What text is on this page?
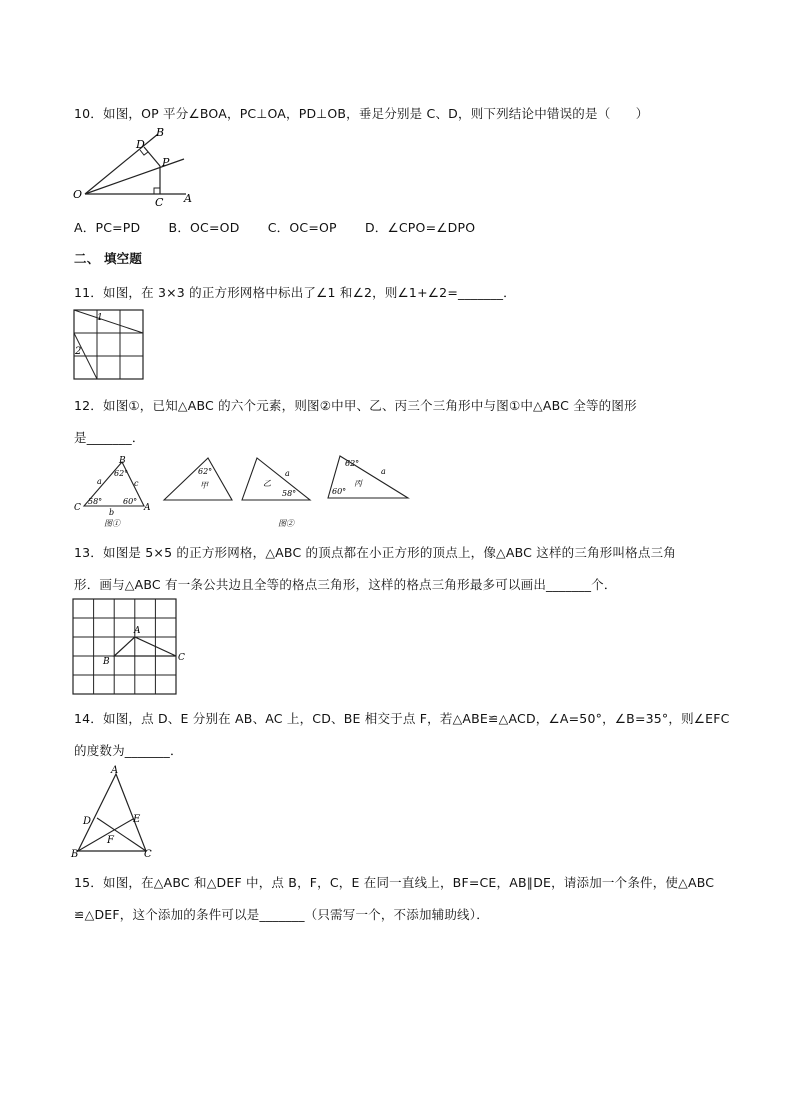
10．如图，OP 平分∠BOA，PC⊥OA，PD⊥OB，垂足分别是 C、D，则下列结论中错误的是（　　）
B
D
P
O
C A
A．PC=PD B．OC=OD C．OC=OP D．∠CPO=∠DPO
二、 填空题
11．如图，在 3×3 的正方形网格中标出了∠1 和∠2，则∠1+∠2=_______．
1
2
12．如图①，已知△ABC 的六个元素，则图②中甲、乙、丙三个三角形中与图①中△ABC 全等的图形
是_______．
B
C	A
62°
58°	60°
a	c
b
图①
62°
甲
a
乙
58°
图②
62°
a
60°
丙
13．如图是 5×5 的正方形网格，△ABC 的顶点都在小正方形的顶点上，像△ABC 这样的三角形叫格点三角
形．画与△ABC 有一条公共边且全等的格点三角形，这样的格点三角形最多可以画出_______个．
A
B	C
14．如图，点 D、E 分别在 AB、AC 上，CD、BE 相交于点 F，若△ABE≌△ACD，∠A=50°，∠B=35°，则∠EFC
的度数为_______．
A
D	E
F
B	C
15．如图，在△ABC 和△DEF 中，点 B，F，C，E 在同一直线上，BF=CE，AB∥DE，请添加一个条件，使△ABC
≌△DEF，这个添加的条件可以是_______（只需写一个，不添加辅助线）．
